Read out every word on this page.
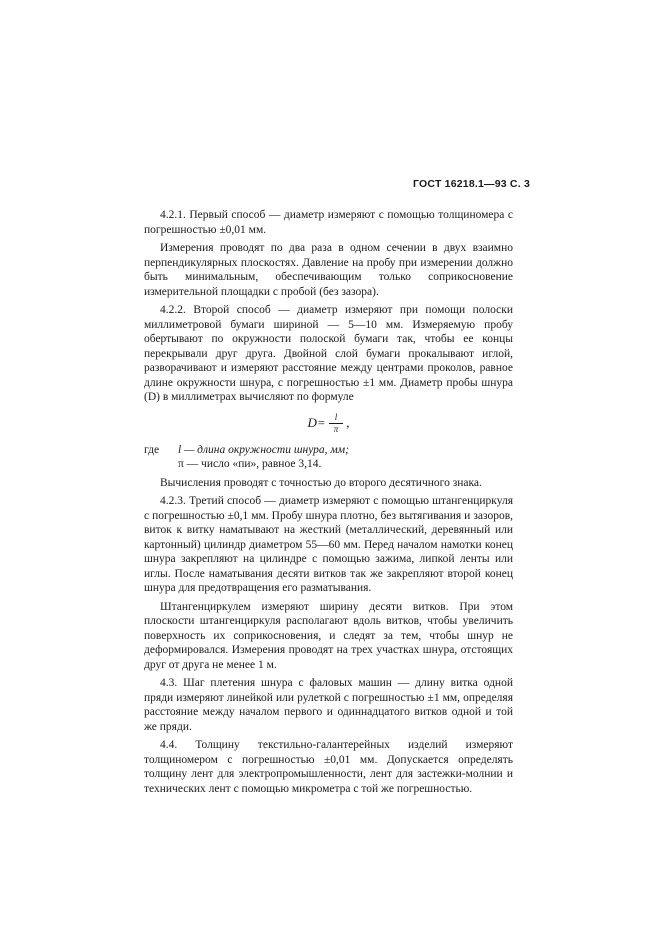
ГОСТ 16218.1—93 С. 3

4.2.1. Первый способ — диаметр измеряют с помощью толщиномера с погрешностью ±0,01 мм.

Измерения проводят по два раза в одном сечении в двух взаимно перпендикулярных плоскостях. Давление на пробу при измерении должно быть минимальным, обеспечивающим только соприкосновение измерительной площадки с пробой (без зазора).

4.2.2. Второй способ — диаметр измеряют при помощи полоски миллиметровой бумаги шириной — 5—10 мм. Измеряемую пробу обертывают по окружности полоской бумаги так, чтобы ее концы перекрывали друг друга. Двойной слой бумаги прокалывают иглой, разворачивают и измеряют расстояние между центрами проколов, равное длине окружности шнура, с погрешностью ±1 мм. Диаметр пробы шнура (D) в миллиметрах вычисляют по формуле

$D= \frac{l}{\pi}$ ,
где	l — длина окружности шнура, мм;
π — число «пи», равное 3,14.

Вычисления проводят с точностью до второго десятичного знака.

4.2.3. Третий способ — диаметр измеряют с помощью штангенциркуля с погрешностью ±0,1 мм. Пробу шнура плотно, без вытягивания и зазоров, виток к витку наматывают на жесткий (металлический, деревянный или картонный) цилиндр диаметром 55—60 мм. Перед началом намотки конец шнура закрепляют на цилиндре с помощью зажима, липкой ленты или иглы. После наматывания десяти витков так же закрепляют второй конец шнура для предотвращения его разматывания.

Штангенциркулем измеряют ширину десяти витков. При этом плоскости штангенциркуля располагают вдоль витков, чтобы увеличить поверхность их соприкосновения, и следят за тем, чтобы шнур не деформировался. Измерения проводят на трех участках шнура, отстоящих друг от друга не менее 1 м.

4.3. Шаг плетения шнура с фаловых машин — длину витка одной пряди измеряют линейкой или рулеткой с погрешностью ±1 мм, определяя расстояние между началом первого и одиннадцатого витков одной и той же пряди.

4.4. Толщину текстильно-галантерейных изделий измеряют толщиномером с погрешностью ±0,01 мм. Допускается определять толщину лент для электропромышленности, лент для застежки-молнии и технических лент с помощью микрометра с той же погрешностью.
